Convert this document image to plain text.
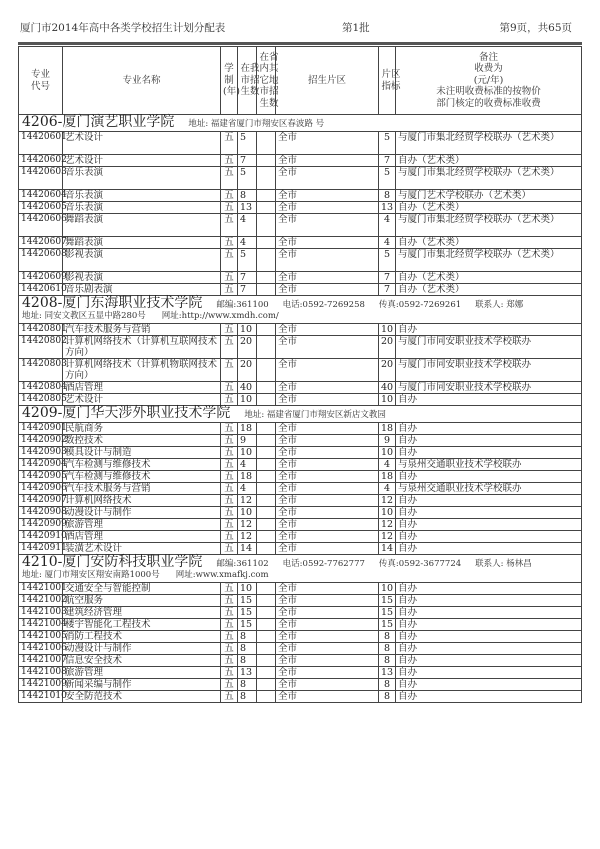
厦门市2014年高中各类学校招生计划分配表	第1批	第9页，共65页
专业代号	专业名称	学制(年)	在我市招生数	在省内其它地市招生数	招生片区	片区指标	备注
收费为
(元/年)
未注明收费标准的按物价
部门核定的收费标准收费

4206-厦门演艺职业学院 地址: 福建省厦门市翔安区春波路 号							

14420601	艺术设计	五	5		全市	5	与厦门市集北经贸学校联办（艺术类）
14420602	艺术设计	五	7		全市	7	自办（艺术类）
14420603	音乐表演	五	5		全市	5	与厦门市集北经贸学校联办（艺术类）
14420604	音乐表演	五	8		全市	8	与厦门艺术学校联办（艺术类）
14420605	音乐表演	五	13		全市	13	自办（艺术类）
14420606	舞蹈表演	五	4		全市	4	与厦门市集北经贸学校联办（艺术类）
14420607	舞蹈表演	五	4		全市	4	自办（艺术类）
14420608	影视表演	五	5		全市	5	与厦门市集北经贸学校联办（艺术类）
14420609	影视表演	五	7		全市	7	自办（艺术类）
14420610	音乐剧表演	五	7		全市	7	自办（艺术类）

4208-厦门东海职业技术学院 邮编:361100 电话:0592-7269258 传真:0592-7269261 联系人: 郑娜
地址: 同安文教区五显中路280号 网址:http://www.xmdh.com/							

14420801	汽车技术服务与营销	五	10		全市	10	自办
14420802	计算机网络技术（计算机互联网技术方向）	五	20		全市	20	与厦门市同安职业技术学校联办
14420803	计算机网络技术（计算机物联网技术方向）	五	20		全市	20	与厦门市同安职业技术学校联办
14420804	酒店管理	五	40		全市	40	与厦门市同安职业技术学校联办
14420805	艺术设计	五	10		全市	10	自办

4209-厦门华天涉外职业技术学院 地址: 福建省厦门市翔安区新店文教园							

14420901	民航商务	五	18		全市	18	自办
14420902	数控技术	五	9		全市	9	自办
14420903	模具设计与制造	五	10		全市	10	自办
14420904	汽车检测与维修技术	五	4		全市	4	与泉州交通职业技术学校联办
14420905	汽车检测与维修技术	五	18		全市	18	自办
14420906	汽车技术服务与营销	五	4		全市	4	与泉州交通职业技术学校联办
14420907	计算机网络技术	五	12		全市	12	自办
14420908	动漫设计与制作	五	10		全市	10	自办
14420909	旅游管理	五	12		全市	12	自办
14420910	酒店管理	五	12		全市	12	自办
14420911	装潢艺术设计	五	14		全市	14	自办

4210-厦门安防科技职业学院 邮编:361102 电话:0592-7762777 传真:0592-3677724 联系人: 杨林昌
地址: 厦门市翔安区翔安南路1000号 网址:www.xmafkj.com							

14421001	交通安全与智能控制	五	10		全市	10	自办
14421002	航空服务	五	15		全市	15	自办
14421003	建筑经济管理	五	15		全市	15	自办
14421004	楼宇智能化工程技术	五	15		全市	15	自办
14421005	消防工程技术	五	8		全市	8	自办
14421006	动漫设计与制作	五	8		全市	8	自办
14421007	信息安全技术	五	8		全市	8	自办
14421008	旅游管理	五	13		全市	13	自办
14421009	新闻采编与制作	五	8		全市	8	自办
14421010	安全防范技术	五	8		全市	8	自办
